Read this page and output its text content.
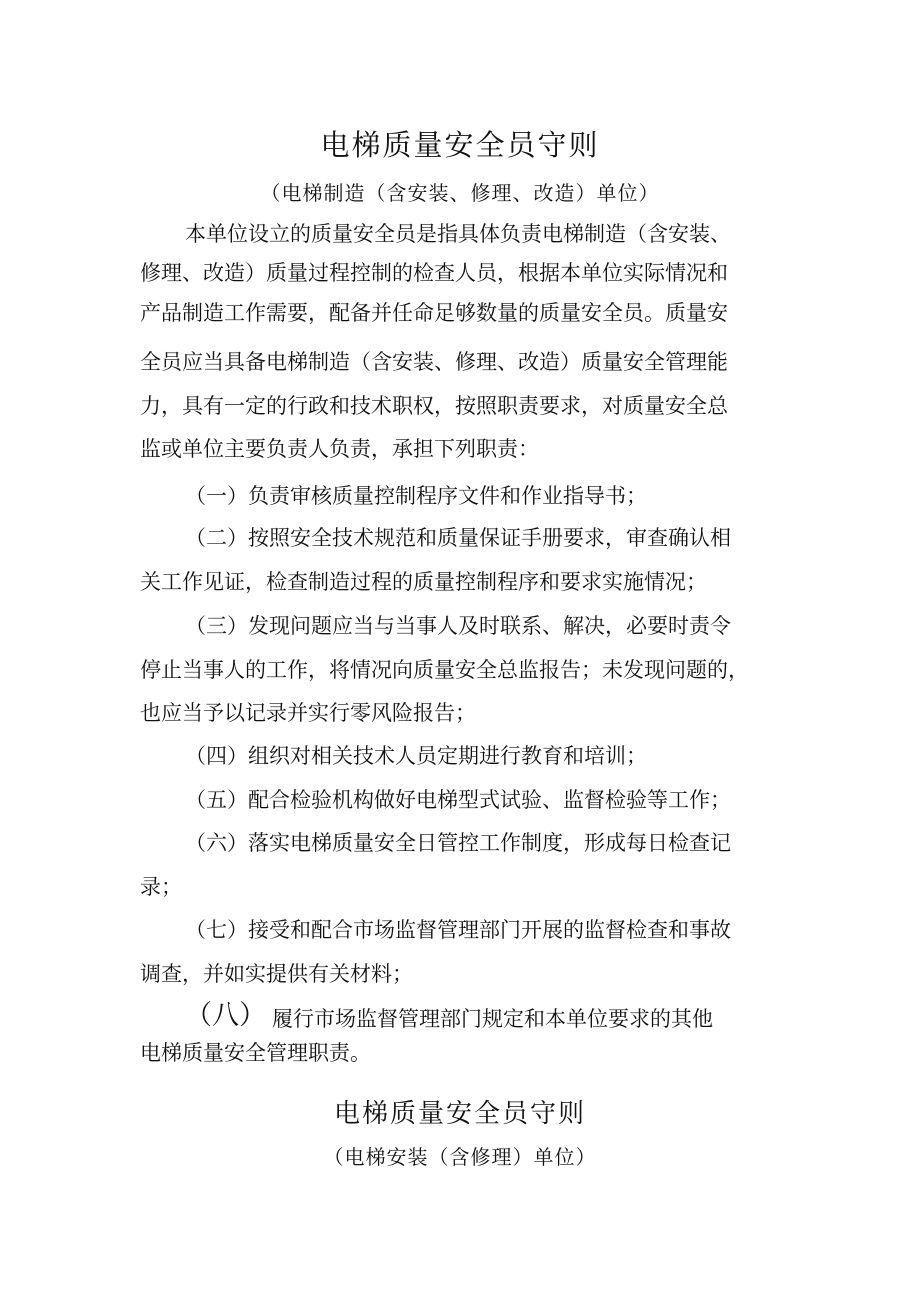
电梯质量安全员守则
（电梯制造（含安装、修理、改造）单位）
本单位设立的质量安全员是指具体负责电梯制造（含安装、
修理、改造）质量过程控制的检查人员，根据本单位实际情况和
产品制造工作需要，配备并任命足够数量的质量安全员。质量安
全员应当具备电梯制造（含安装、修理、改造）质量安全管理能
力，具有一定的行政和技术职权，按照职责要求，对质量安全总
监或单位主要负责人负责，承担下列职责：
（一）负责审核质量控制程序文件和作业指导书；
（二）按照安全技术规范和质量保证手册要求，审查确认相
关工作见证，检查制造过程的质量控制程序和要求实施情况；
（三）发现问题应当与当事人及时联系、解决，必要时责令
停止当事人的工作，将情况向质量安全总监报告；未发现问题的，
也应当予以记录并实行零风险报告；
（四）组织对相关技术人员定期进行教育和培训；
（五）配合检验机构做好电梯型式试验、监督检验等工作；
（六）落实电梯质量安全日管控工作制度，形成每日检查记
录；
（七）接受和配合市场监督管理部门开展的监督检查和事故
调查，并如实提供有关材料；
（八） 履行市场监督管理部门规定和本单位要求的其他
电梯质量安全管理职责。
电梯质量安全员守则
（电梯安装（含修理）单位）
